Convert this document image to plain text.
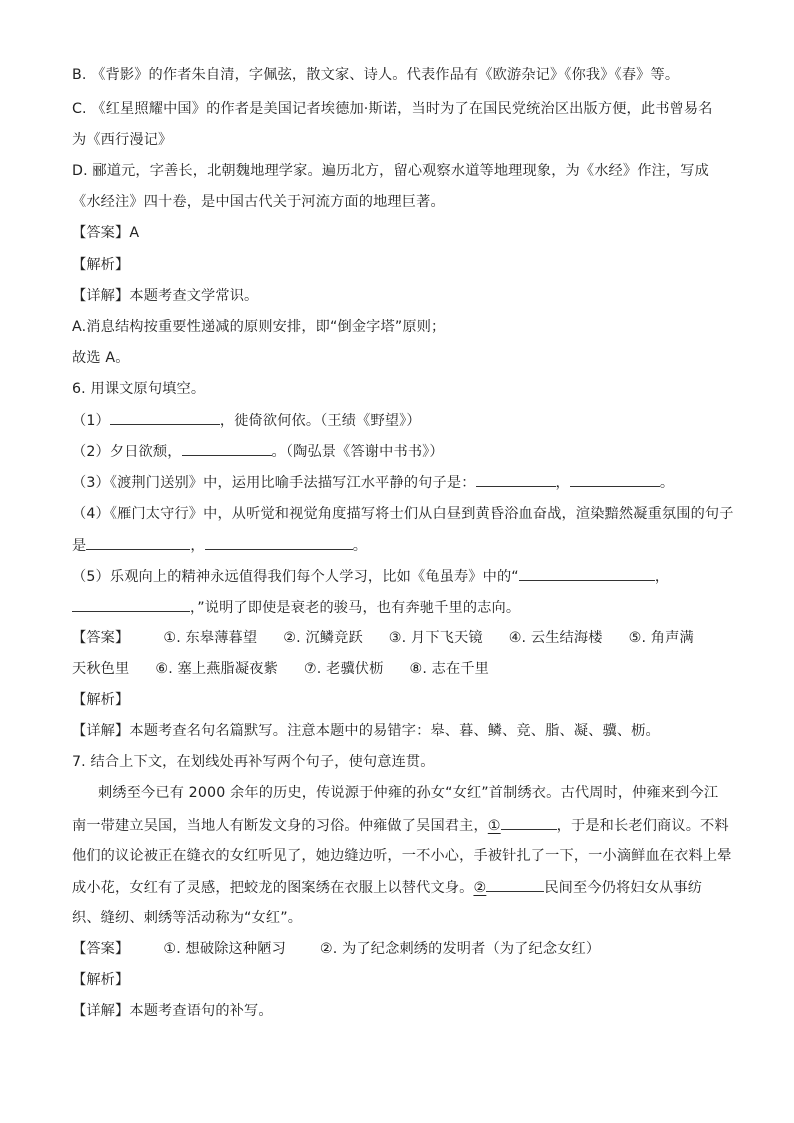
B. 《背影》的作者朱自清，字佩弦，散文家、诗人。代表作品有《欧游杂记》《你我》《春》等。
C. 《红星照耀中国》的作者是美国记者埃德加·斯诺，当时为了在国民党统治区出版方便，此书曾易名
为《西行漫记》
D. 郦道元，字善长，北朝魏地理学家。遍历北方，留心观察水道等地理现象，为《水经》作注，写成
《水经注》四十卷，是中国古代关于河流方面的地理巨著。
【答案】A
【解析】
【详解】本题考查文学常识。
A.消息结构按重要性递减的原则安排，即“倒金字塔”原则；
故选 A。
6. 用课文原句填空。
（1）	，徙倚欲何依。（王绩《野望》）
（2）夕日欲颓，	。（陶弘景《答谢中书书》）
（3）《渡荆门送别》中，运用比喻手法描写江水平静的句子是：	，	。
（4）《雁门太守行》中，从听觉和视觉角度描写将士们从白昼到黄昏浴血奋战，渲染黯然凝重氛围的句子
是	，	。
（5）乐观向上的精神永远值得我们每个人学习，比如《龟虽寿》中的“	，
，”说明了即使是衰老的骏马，也有奔驰千里的志向。
【答案】 ①. 东皋薄暮望 ②. 沉鳞竞跃 ③. 月下飞天镜 ④. 云生结海楼 ⑤. 角声满
天秋色里 ⑥. 塞上燕脂凝夜紫 ⑦. 老骥伏枥 ⑧. 志在千里
【解析】
【详解】本题考查名句名篇默写。注意本题中的易错字：皋、暮、鳞、竞、脂、凝、骥、枥。
7. 结合上下文，在划线处再补写两个句子，使句意连贯。
刺绣至今已有 2000 余年的历史，传说源于仲雍的孙女“女红”首制绣衣。古代周时，仲雍来到今江
南一带建立吴国，当地人有断发文身的习俗。仲雍做了吴国君主，①	，于是和长老们商议。不料
他们的议论被正在缝衣的女红听见了，她边缝边听，一不小心，手被针扎了一下，一小滴鲜血在衣料上晕
成小花，女红有了灵感，把蛟龙的图案绣在衣服上以替代文身。②	民间至今仍将妇女从事纺
织、缝纫、刺绣等活动称为“女红”。
【答案】 ①. 想破除这种陋习 ②. 为了纪念刺绣的发明者（为了纪念女红）
【解析】
【详解】本题考查语句的补写。
